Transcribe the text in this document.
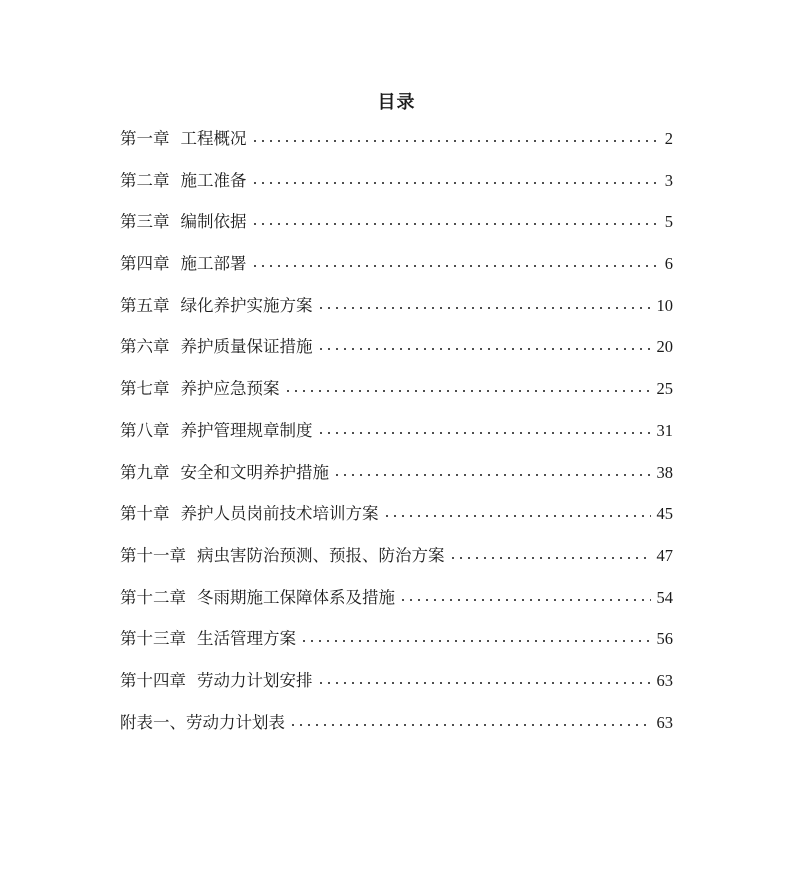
目录
第一章 工程概况	2
第二章 施工准备	3
第三章 编制依据	5
第四章 施工部署	6
第五章 绿化养护实施方案	10
第六章 养护质量保证措施	20
第七章 养护应急预案	25
第八章 养护管理规章制度	31
第九章 安全和文明养护措施	38
第十章 养护人员岗前技术培训方案	45
第十一章 病虫害防治预测、预报、防治方案	47
第十二章 冬雨期施工保障体系及措施	54
第十三章 生活管理方案	56
第十四章 劳动力计划安排	63
附表一、劳动力计划表	63
